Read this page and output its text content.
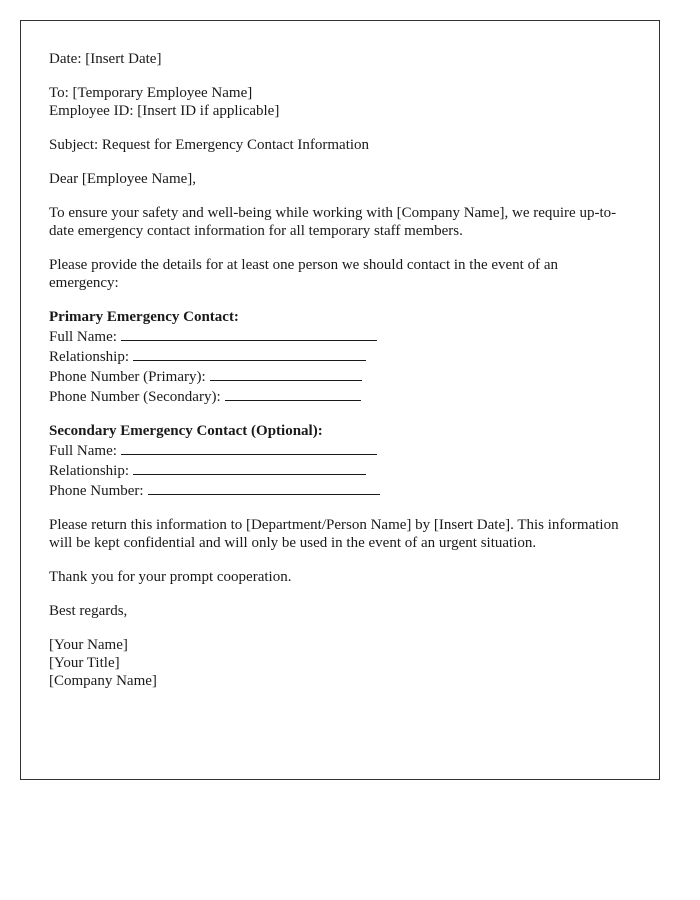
Date: [Insert Date]

To: [Temporary Employee Name]
Employee ID: [Insert ID if applicable]

Subject: Request for Emergency Contact Information

Dear [Employee Name],

To ensure your safety and well-being while working with [Company Name], we require up-to-date emergency contact information for all temporary staff members.

Please provide the details for at least one person we should contact in the event of an emergency:

Primary Emergency Contact:
Full Name:
Relationship:
Phone Number (Primary):
Phone Number (Secondary):

Secondary Emergency Contact (Optional):
Full Name:
Relationship:
Phone Number:

Please return this information to [Department/Person Name] by [Insert Date]. This information will be kept confidential and will only be used in the event of an urgent situation.

Thank you for your prompt cooperation.

Best regards,

[Your Name]
[Your Title]
[Company Name]
